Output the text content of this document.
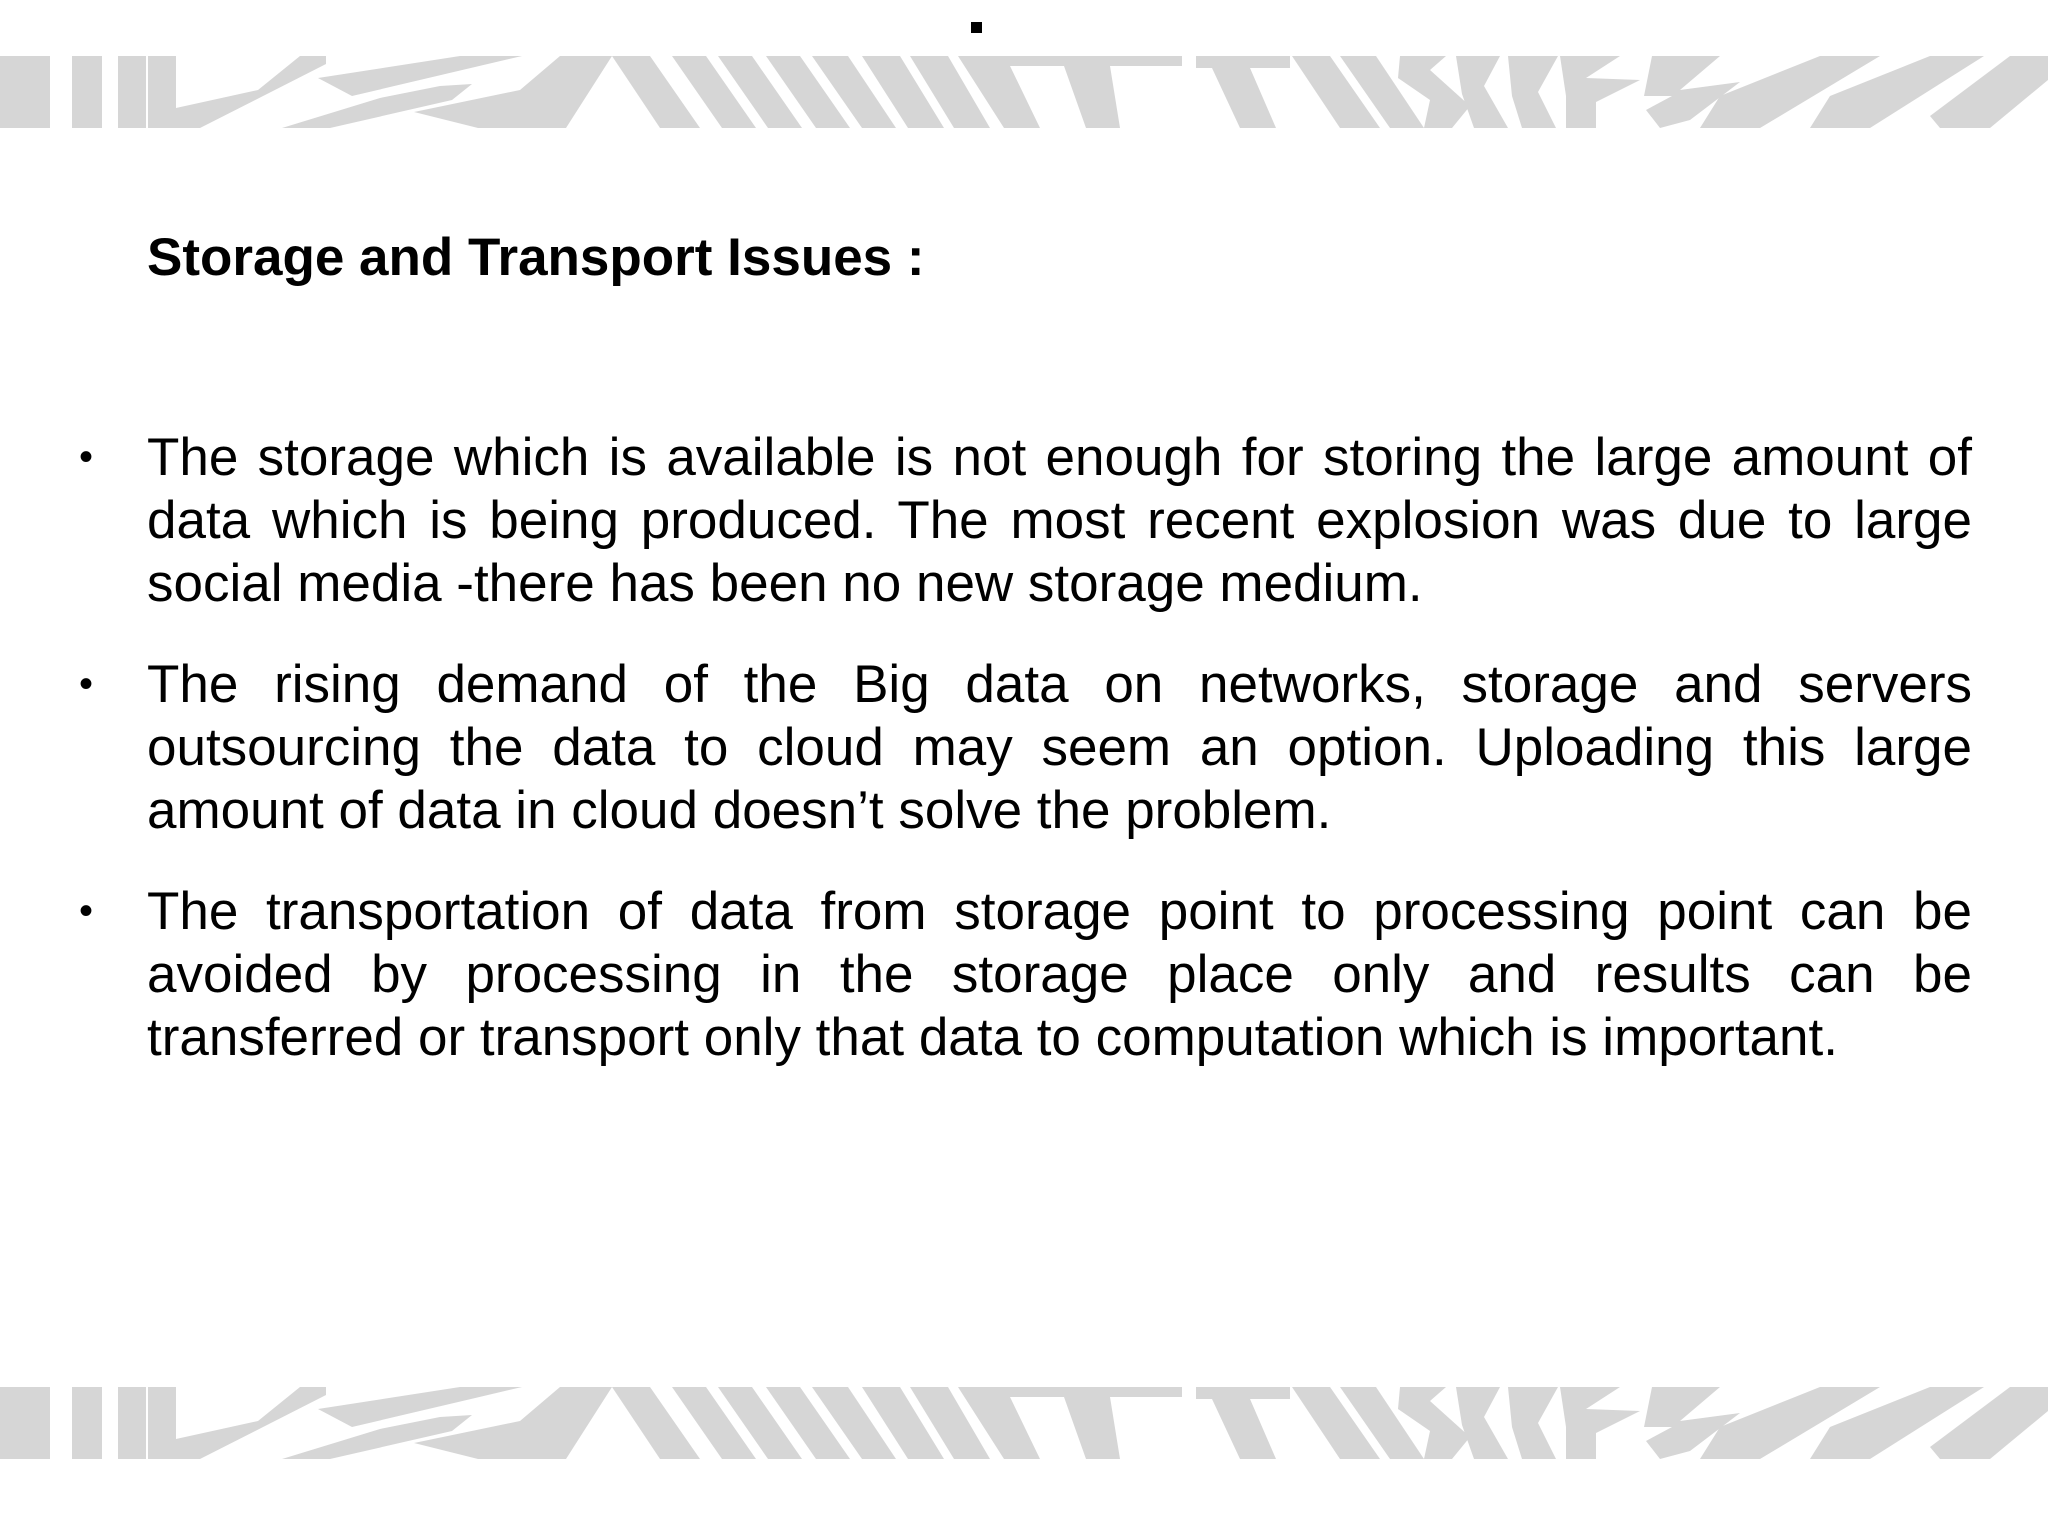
Storage and Transport Issues :
• The storage which is available is not enough for storing the large amount of data which is being produced. The most recent explosion was due to large social media -there has been no new storage medium.
• The rising demand of the Big data on networks, storage and servers outsourcing the data to cloud may seem an option. Uploading this large amount of data in cloud doesn’t solve the problem.
• The transportation of data from storage point to processing point can be avoided by processing in the storage place only and results can be transferred or transport only that data to computation which is important.
